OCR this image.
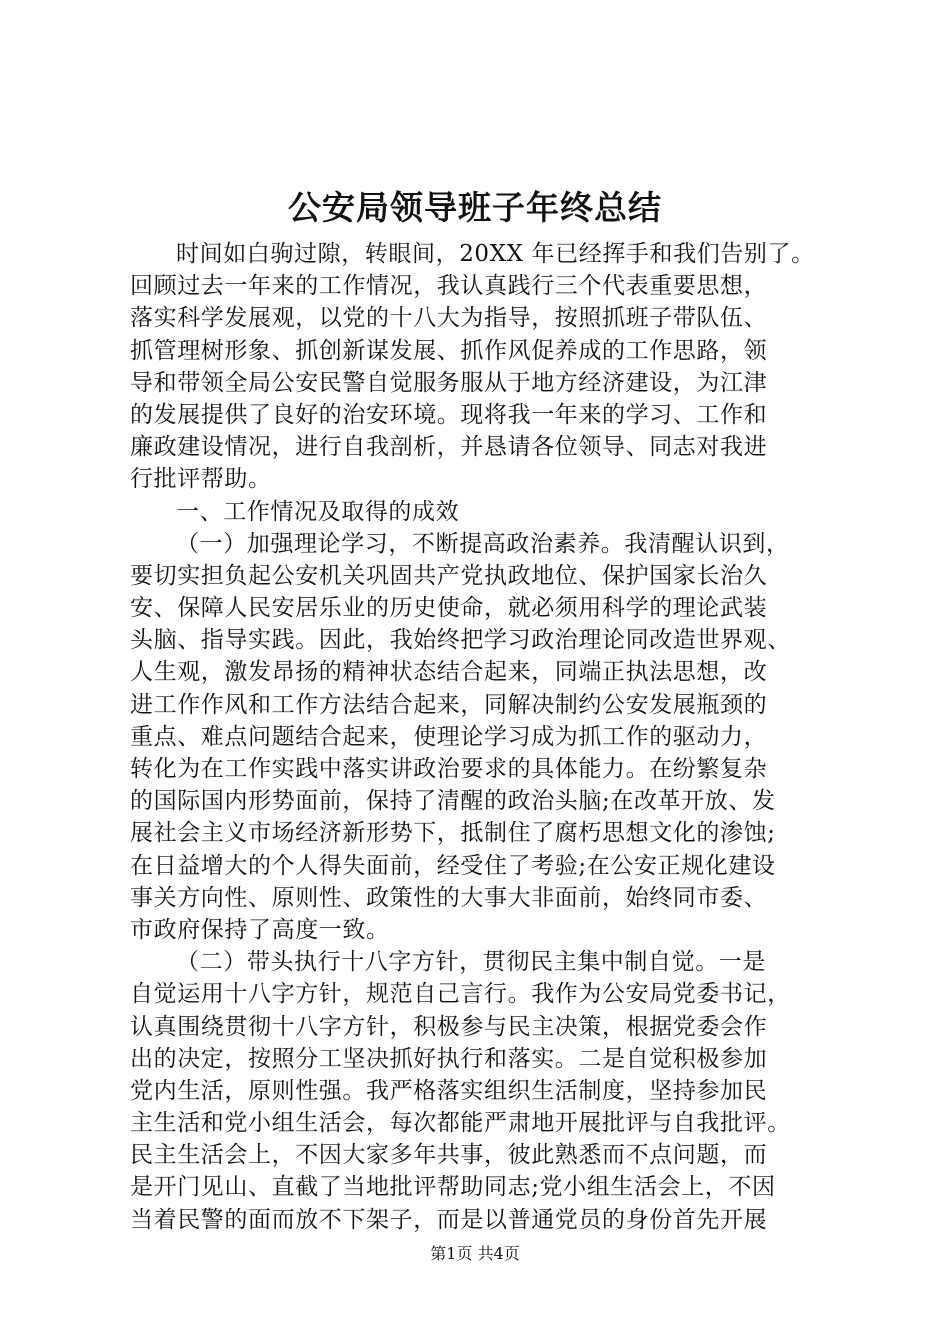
公安局领导班子年终总结
时间如白驹过隙，转眼间，20XX 年已经挥手和我们告别了。
回顾过去一年来的工作情况，我认真践行三个代表重要思想，
落实科学发展观，以党的十八大为指导，按照抓班子带队伍、
抓管理树形象、抓创新谋发展、抓作风促养成的工作思路，领
导和带领全局公安民警自觉服务服从于地方经济建设，为江津
的发展提供了良好的治安环境。现将我一年来的学习、工作和
廉政建设情况，进行自我剖析，并恳请各位领导、同志对我进
行批评帮助。
一、工作情况及取得的成效
（一）加强理论学习，不断提高政治素养。我清醒认识到，
要切实担负起公安机关巩固共产党执政地位、保护国家长治久
安、保障人民安居乐业的历史使命，就必须用科学的理论武装
头脑、指导实践。因此，我始终把学习政治理论同改造世界观、
人生观，激发昂扬的精神状态结合起来，同端正执法思想，改
进工作作风和工作方法结合起来，同解决制约公安发展瓶颈的
重点、难点问题结合起来，使理论学习成为抓工作的驱动力，
转化为在工作实践中落实讲政治要求的具体能力。在纷繁复杂
的国际国内形势面前，保持了清醒的政治头脑;在改革开放、发
展社会主义市场经济新形势下，抵制住了腐朽思想文化的渗蚀;
在日益增大的个人得失面前，经受住了考验;在公安正规化建设
事关方向性、原则性、政策性的大事大非面前，始终同市委、
市政府保持了高度一致。
（二）带头执行十八字方针，贯彻民主集中制自觉。一是
自觉运用十八字方针，规范自己言行。我作为公安局党委书记，
认真围绕贯彻十八字方针，积极参与民主决策，根据党委会作
出的决定，按照分工坚决抓好执行和落实。二是自觉积极参加
党内生活，原则性强。我严格落实组织生活制度，坚持参加民
主生活和党小组生活会，每次都能严肃地开展批评与自我批评。
民主生活会上，不因大家多年共事，彼此熟悉而不点问题，而
是开门见山、直截了当地批评帮助同志;党小组生活会上，不因
当着民警的面而放不下架子，而是以普通党员的身份首先开展
第1页 共4页
